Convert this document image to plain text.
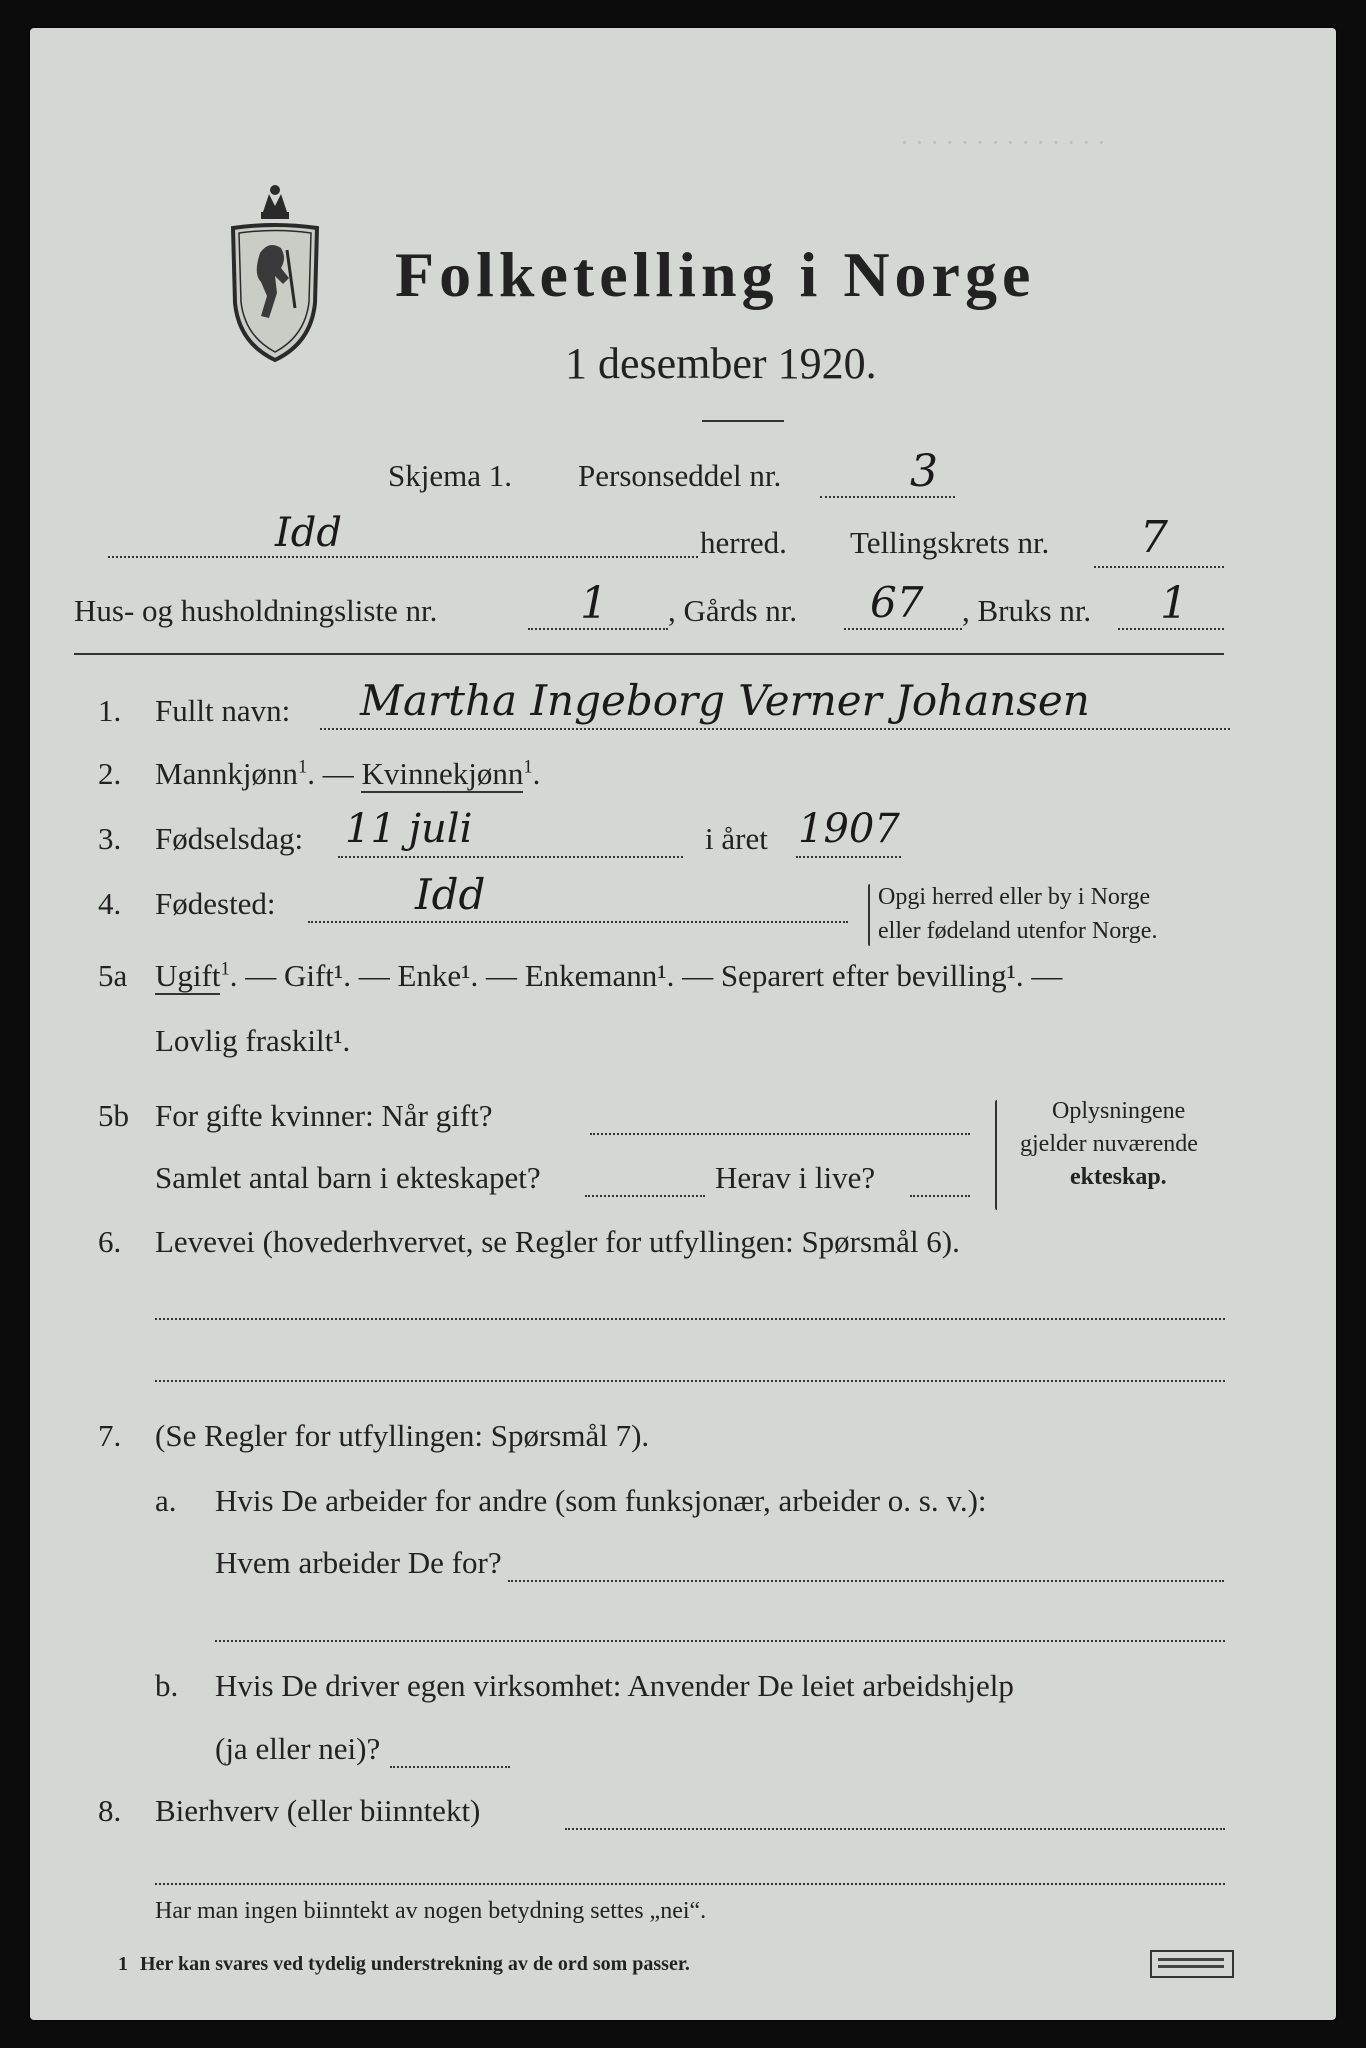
· · · · · · · · · · · · · ·
Folketelling i Norge
1 desember 1920.
Skjema 1. Personseddel nr.	3
Idd	herred. Tellingskrets nr. 7
Hus- og husholdningsliste nr.	1 , Gårds nr. 67 , Bruks nr. 1
1. Fullt navn: Martha Ingeborg Verner Johansen
2. Mannkjønn$^1$. — Kvinnekjønn$^1$.
3. Fødselsdag: 11 juli	i året 1907
4. Fødested:	Idd	Opgi herred eller by i Norge
eller fødeland utenfor Norge.
5a Ugift$^1$. — Gift¹. — Enke¹. — Enkemann¹. — Separert efter bevilling¹. —
Lovlig fraskilt¹.
5b For gifte kvinner: Når gift?
Samlet antal barn i ekteskapet?	Herav i live?
Oplysningene
gjelder nuværende
ekteskap.
6. Levevei (hovederhvervet, se Regler for utfyllingen: Spørsmål 6).
7. (Se Regler for utfyllingen: Spørsmål 7).
a. Hvis De arbeider for andre (som funksjonær, arbeider o. s. v.):
Hvem arbeider De for?
b. Hvis De driver egen virksomhet: Anvender De leiet arbeidshjelp
(ja eller nei)?
8. Bierhverv (eller biinntekt)
Har man ingen biinntekt av nogen betydning settes „nei“.
1 Her kan svares ved tydelig understrekning av de ord som passer.
